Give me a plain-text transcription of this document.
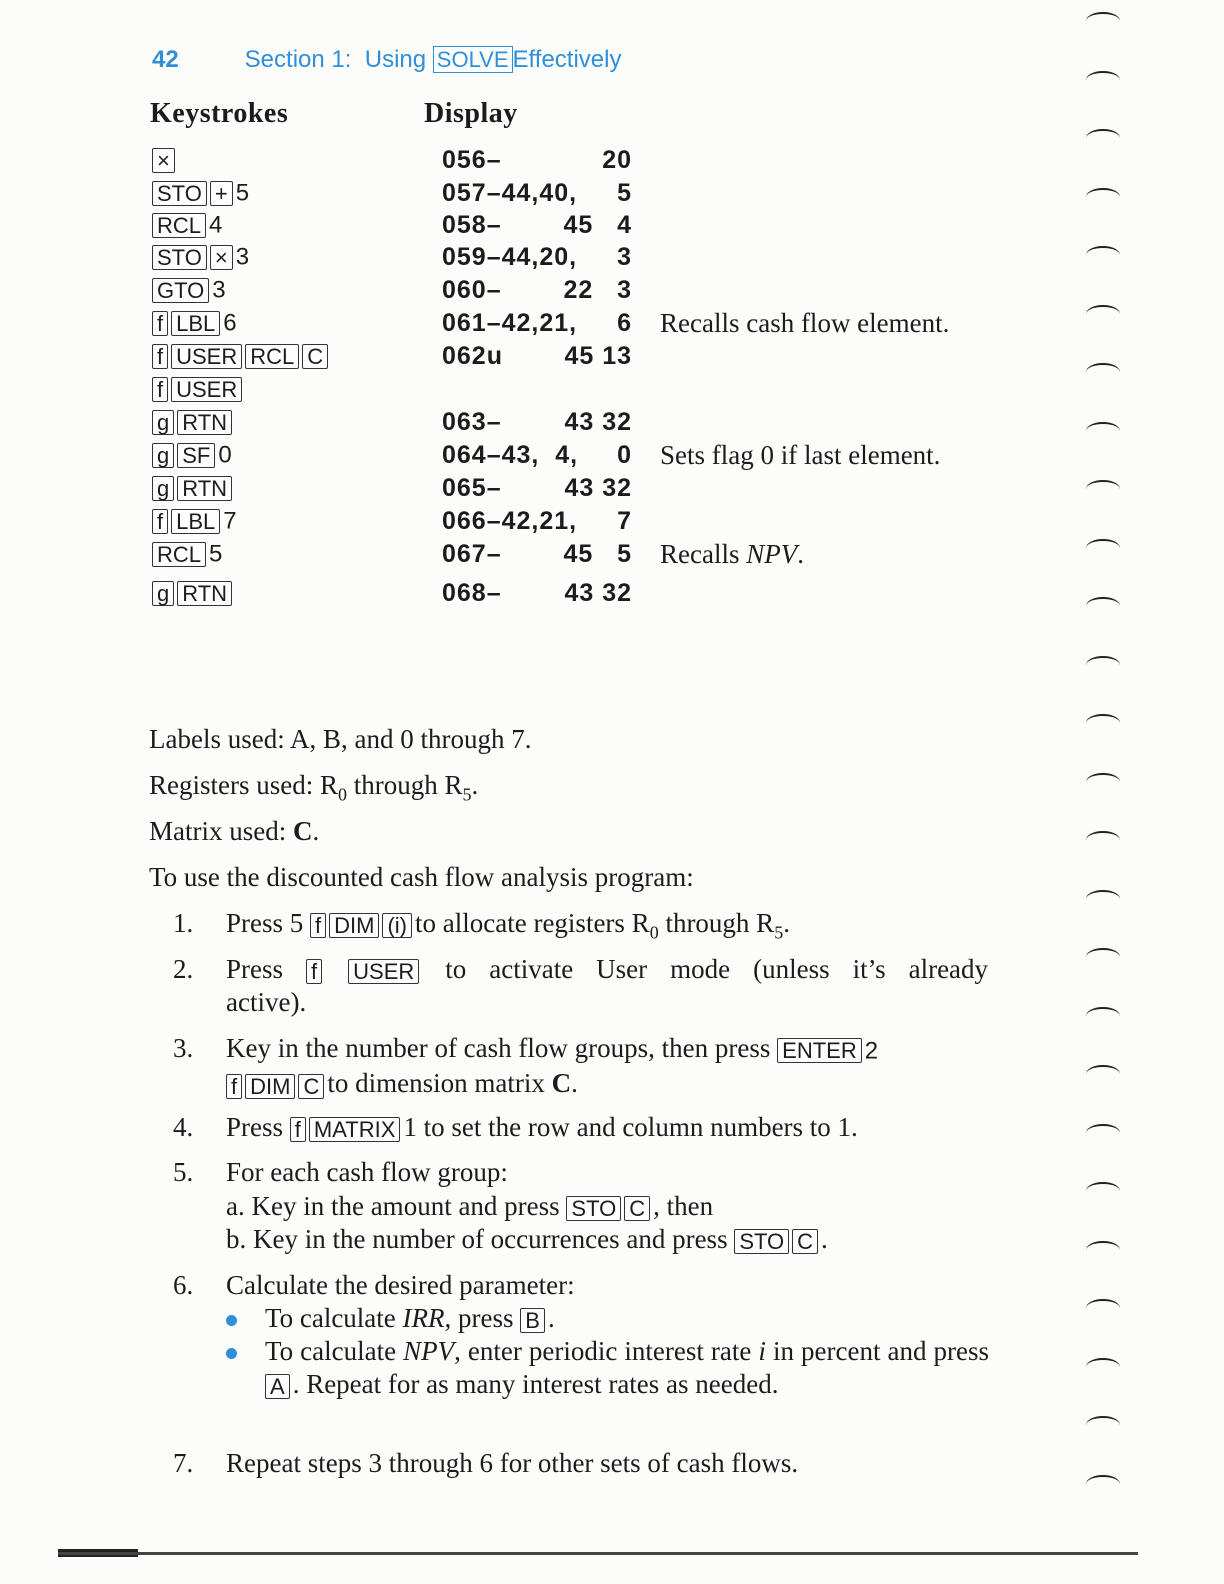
42	Section 1: Using SOLVE Effectively
Keystrokes	Display
×	056–	20
STO + 5	057–44,40, 5
RCL 4	058– 45   4
STO × 3	059–44,20, 3
GTO 3	060– 22   3
f LBL 6	061–42,21, 6 Recalls cash flow element.
f USER RCL C	062u 45 13
f USER
g RTN	063–	43 32
g SF 0	064–43,  4, 0 Sets flag 0 if last element.
g RTN	065–	43 32
f LBL 7	066–42,21, 7
RCL 5	067– 45   5 Recalls NPV.
g RTN	068–	43 32
Labels used: A, B, and 0 through 7.
Registers used: $R_0$ through $R_5$.
Matrix used: C.
To use the discounted cash flow analysis program:
1. Press 5 f DIM (i) to allocate registers $R_0$ through $R_5$.
2. Press f USER to activate User mode (unless it’s already active).
3. Key in the number of cash flow groups, then press ENTER 2
f DIM C to dimension matrix C.
4. Press f MATRIX 1 to set the row and column numbers to 1.
5. For each cash flow group:
a. Key in the amount and press STO C , then
b. Key in the number of occurrences and press STO C .
6. Calculate the desired parameter:
To calculate IRR, press B .
To calculate NPV, enter periodic interest rate i in percent and press A . Repeat for as many interest rates as needed.
7. Repeat steps 3 through 6 for other sets of cash flows.
